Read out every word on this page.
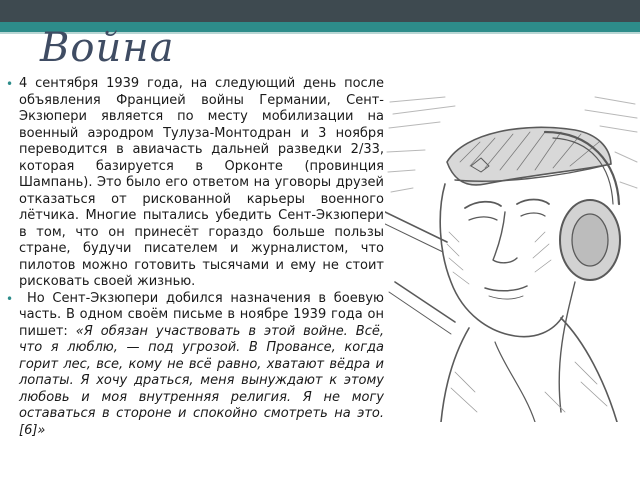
Война
• 4 сентября 1939 года, на следующий день после объявления Францией войны Германии, Сент-Экзюпери является по месту мобилизации на военный аэродром Тулуза-Монтодран и 3 ноября переводится в авиачасть дальней разведки 2/33, которая базируется в Орконте (провинция Шампань). Это было его ответом на уговоры друзей отказаться от рискованной карьеры военного лётчика. Многие пытались убедить Сент-Экзюпери в том, что он принесёт гораздо больше пользы стране, будучи писателем и журналистом, что пилотов можно готовить тысячами и ему не стоит рисковать своей жизнью.
• Но Сент-Экзюпери добился назначения в боевую часть. В одном своём письме в ноябре 1939 года он пишет: «Я обязан участвовать в этой войне. Всё, что я люблю, — под угрозой. В Провансе, когда горит лес, все, кому не всё равно, хватают вёдра и лопаты. Я хочу драться, меня вынуждают к этому любовь и моя внутренняя религия. Я не могу оставаться в стороне и спокойно смотреть на это.[6]»
